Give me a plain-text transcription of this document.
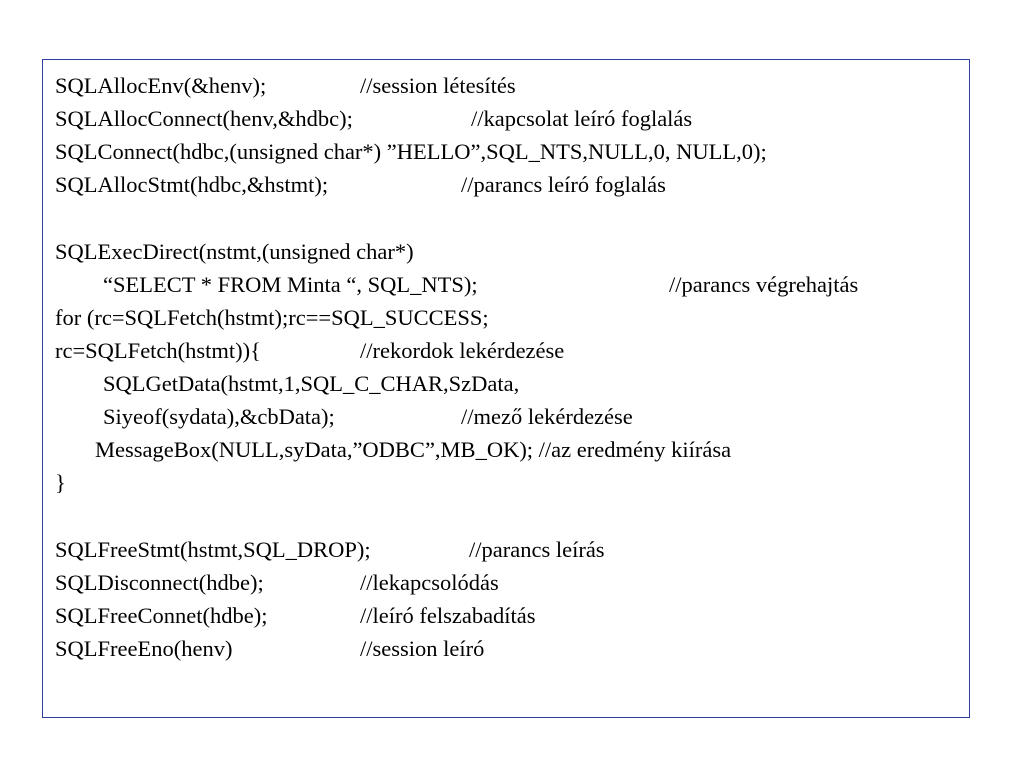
SQLAllocEnv(&henv);	//session létesítés
SQLAllocConnect(henv,&hdbc);	//kapcsolat leíró foglalás
SQLConnect(hdbc,(unsigned char*) ”HELLO”,SQL_NTS,NULL,0, NULL,0);
SQLAllocStmt(hdbc,&hstmt);	//parancs leíró foglalás
SQLExecDirect(nstmt,(unsigned char*)
“SELECT * FROM Minta “, SQL_NTS);	//parancs végrehajtás
for (rc=SQLFetch(hstmt);rc==SQL_SUCCESS;
rc=SQLFetch(hstmt)){	//rekordok lekérdezése
SQLGetData(hstmt,1,SQL_C_CHAR,SzData,
Siyeof(sydata),&cbData);	//mező lekérdezése
MessageBox(NULL,syData,”ODBC”,MB_OK); //az eredmény kiírása
}
SQLFreeStmt(hstmt,SQL_DROP);	//parancs leírás
SQLDisconnect(hdbe);	//lekapcsolódás
SQLFreeConnet(hdbe);	//leíró felszabadítás
SQLFreeEno(henv)	//session leíró
